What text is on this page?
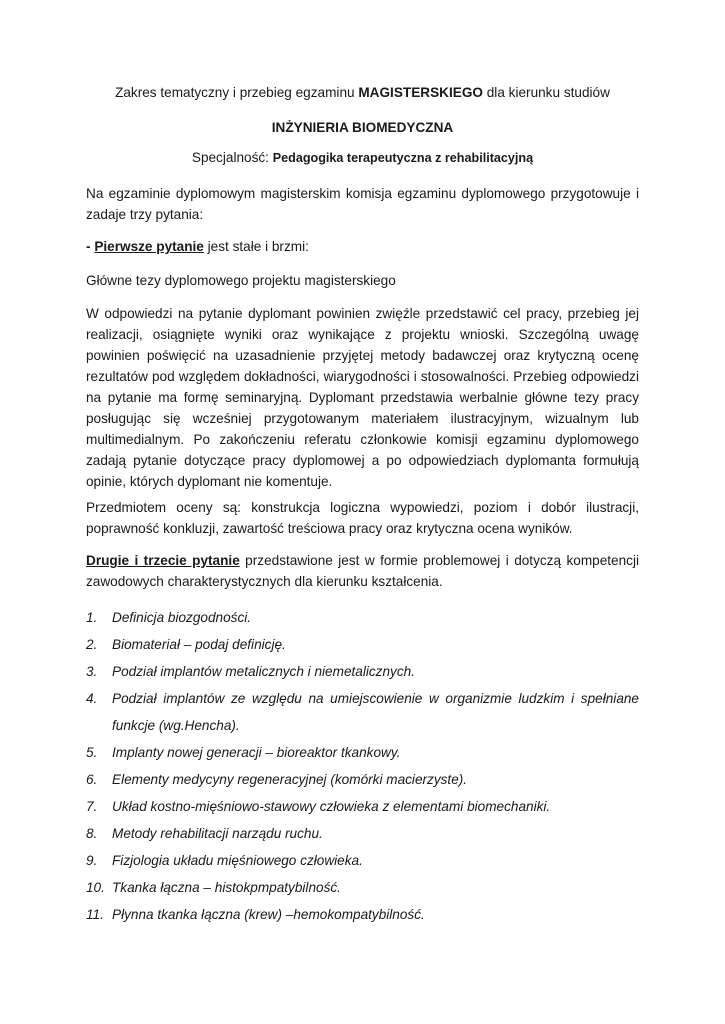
Zakres tematyczny i przebieg egzaminu MAGISTERSKIEGO dla kierunku studiów
INŻYNIERIA BIOMEDYCZNA
Specjalność: Pedagogika terapeutyczna z rehabilitacyjną
Na egzaminie dyplomowym magisterskim komisja egzaminu dyplomowego przygotowuje i zadaje trzy pytania:
- Pierwsze pytanie jest stałe i brzmi:
Główne tezy dyplomowego projektu magisterskiego
W odpowiedzi na pytanie dyplomant powinien zwięźle przedstawić cel pracy, przebieg jej realizacji, osiągnięte wyniki oraz wynikające z projektu wnioski. Szczególną uwagę powinien poświęcić na uzasadnienie przyjętej metody badawczej oraz krytyczną ocenę rezultatów pod względem dokładności, wiarygodności i stosowalności. Przebieg odpowiedzi na pytanie ma formę seminaryjną. Dyplomant przedstawia werbalnie główne tezy pracy posługując się wcześniej przygotowanym materiałem ilustracyjnym, wizualnym lub multimedialnym. Po zakończeniu referatu członkowie komisji egzaminu dyplomowego zadają pytanie dotyczące pracy dyplomowej a po odpowiedziach dyplomanta formułują opinie, których dyplomant nie komentuje.
Przedmiotem oceny są: konstrukcja logiczna wypowiedzi, poziom i dobór ilustracji, poprawność konkluzji, zawartość treściowa pracy oraz krytyczna ocena wyników.
Drugie i trzecie pytanie przedstawione jest w formie problemowej i dotyczą kompetencji zawodowych charakterystycznych dla kierunku kształcenia.
1. Definicja biozgodności.
2. Biomateriał – podaj definicję.
3. Podział implantów metalicznych i niemetalicznych.
4. Podział implantów ze względu na umiejscowienie w organizmie ludzkim i spełniane funkcje (wg.Hencha).
5. Implanty nowej generacji – bioreaktor tkankowy.
6. Elementy medycyny regeneracyjnej (komórki macierzyste).
7. Układ kostno-mięśniowo-stawowy człowieka z elementami biomechaniki.
8. Metody rehabilitacji narządu ruchu.
9. Fizjologia układu mięśniowego człowieka.
10. Tkanka łączna – histokpmpatybilność.
11. Płynna tkanka łączna (krew) –hemokompatybilność.
